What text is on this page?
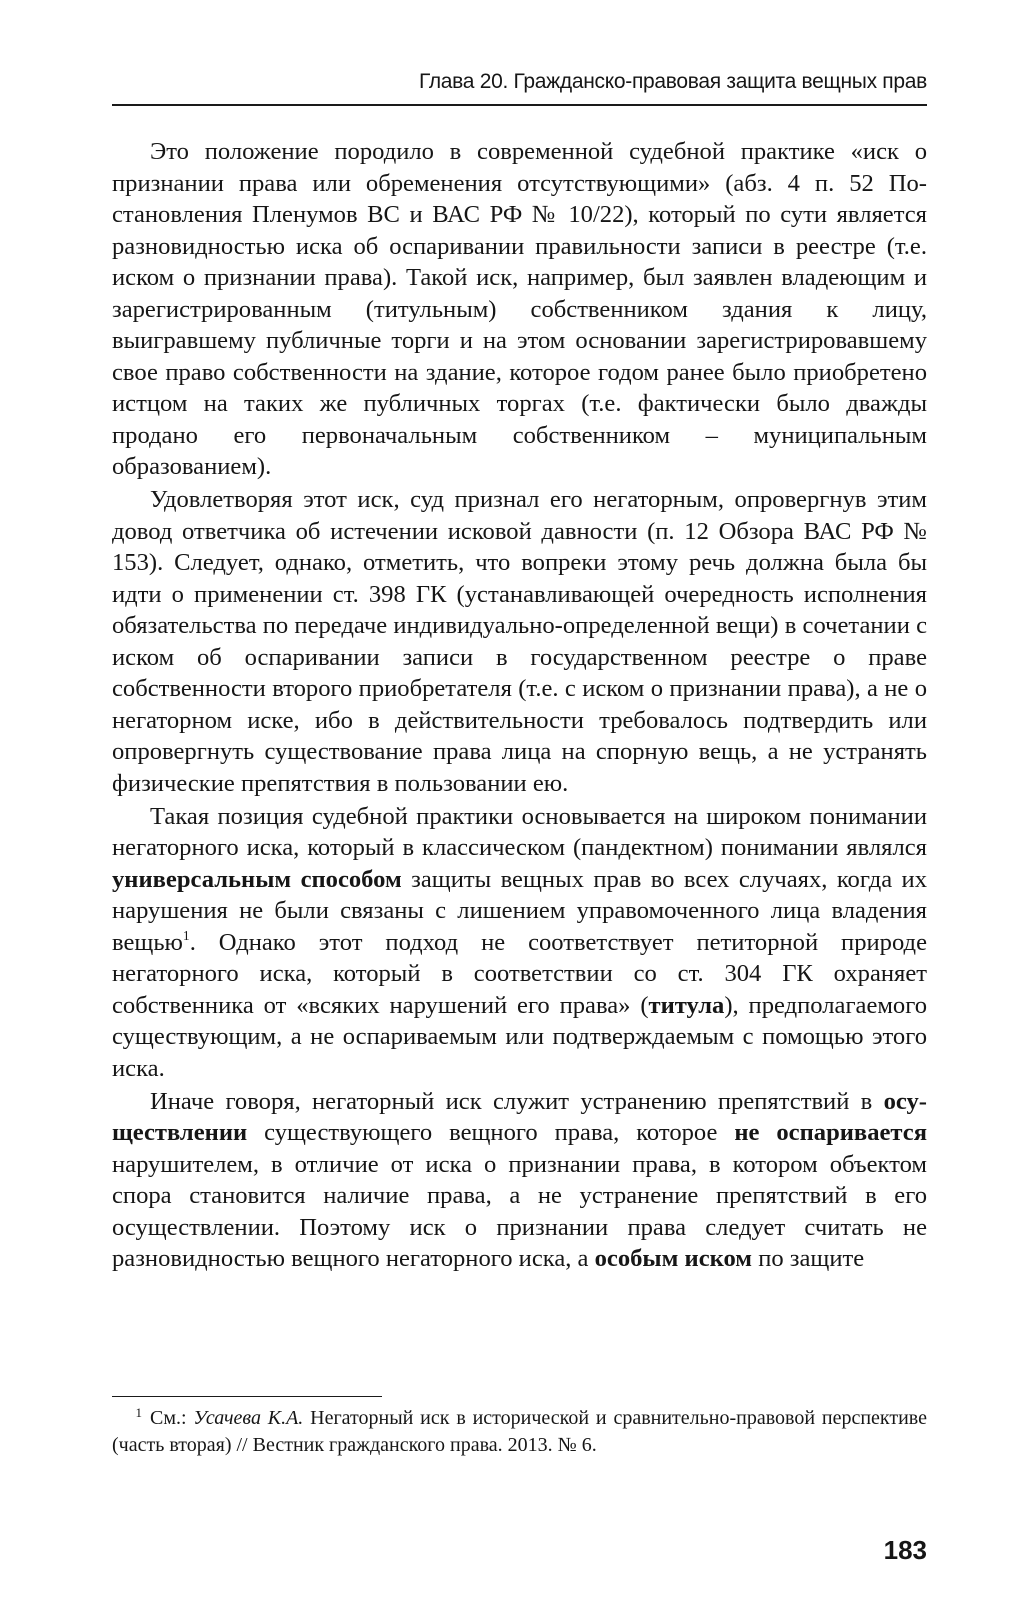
Глава 20. Гражданско-правовая защита вещных прав

Это положение породило в современной судебной практике «иск о признании права или обременения отсутствующими» (абз. 4 п. 52 Постановления Пленумов ВС и ВАС РФ № 10/22), который по сути является разновидностью иска об оспаривании правильности записи в реестре (т.е. иском о признании права). Такой иск, например, был заявлен владеющим и зарегистрированным (титульным) собственником здания к лицу, выигравшему публичные торги и на этом основании зарегистрировавшему свое право собственности на здание, которое годом ранее было приобретено истцом на таких же публичных торгах (т.е. фактически было дважды продано его первоначальным собственником – муниципальным образованием).

Удовлетворяя этот иск, суд признал его негаторным, опровергнув этим довод ответчика об истечении исковой давности (п. 12 Обзора ВАС РФ № 153). Следует, однако, отметить, что вопреки этому речь должна была бы идти о применении ст. 398 ГК (устанавливающей очередность исполнения обязательства по передаче индивидуально-определенной вещи) в сочетании с иском об оспаривании записи в государственном реестре о праве собственности второго приобретателя (т.е. с иском о признании права), а не о негаторном иске, ибо в действительности требовалось подтвердить или опровергнуть существование права лица на спорную вещь, а не устранять физические препятствия в пользовании ею.

Такая позиция судебной практики основывается на широком понимании негаторного иска, который в классическом (пандектном) понимании являлся универсальным способом защиты вещных прав во всех случаях, когда их нарушения не были связаны с лишением управомоченного лица владения вещью$^1$. Однако этот подход не соответствует петиторной природе негаторного иска, который в соответствии со ст. 304 ГК охраняет собственника от «всяких нарушений его права» (титула), предполагаемого существующим, а не оспариваемым или подтверждаемым с помощью этого иска.

Иначе говоря, негаторный иск служит устранению препятствий в осуществлении существующего вещного права, которое не оспаривается нарушителем, в отличие от иска о признании права, в котором объектом спора становится наличие права, а не устранение препятствий в его осуществлении. Поэтому иск о признании права следует считать не разновидностью вещного негаторного иска, а особым иском по защите

1 См.: Усачева К.А. Негаторный иск в исторической и сравнительно-правовой перспективе (часть вторая) // Вестник гражданского права. 2013. № 6.
183
